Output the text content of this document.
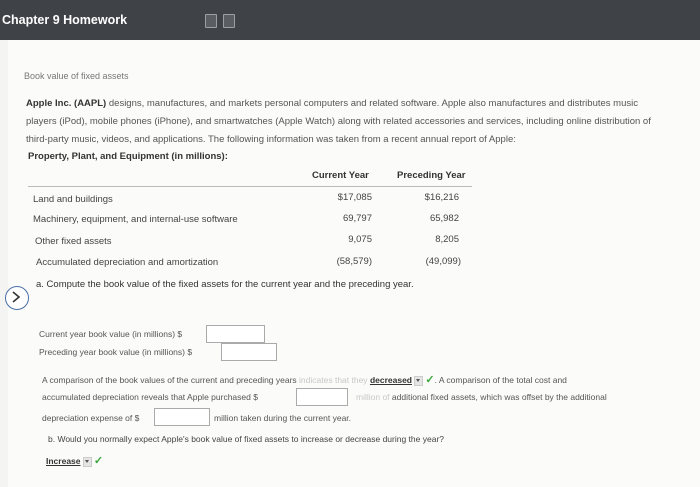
Chapter 9 Homework
Book value of fixed assets
Apple Inc. (AAPL) designs, manufactures, and markets personal computers and related software. Apple also manufactures and distributes music
players (iPod), mobile phones (iPhone), and smartwatches (Apple Watch) along with related accessories and services, including online distribution of
third-party music, videos, and applications. The following information was taken from a recent annual report of Apple:
Property, Plant, and Equipment (in millions):
Current Year	Preceding Year
Land and buildings	$17,085	$16,216
Machinery, equipment, and internal-use software	69,797	65,982
Other fixed assets	9,075	8,205
Accumulated depreciation and amortization	(58,579)	(49,099)
a. Compute the book value of the fixed assets for the current year and the preceding year.
Current year book value (in millions) $
Preceding year book value (in millions) $
A comparison of the book values of the current and preceding years indicates that they decreased ✓. A comparison of the total cost and
accumulated depreciation reveals that Apple purchased $	million of additional fixed assets, which was offset by the additional
depreciation expense of $	million taken during the current year.
b. Would you normally expect Apple's book value of fixed assets to increase or decrease during the year?
Increase ✓
